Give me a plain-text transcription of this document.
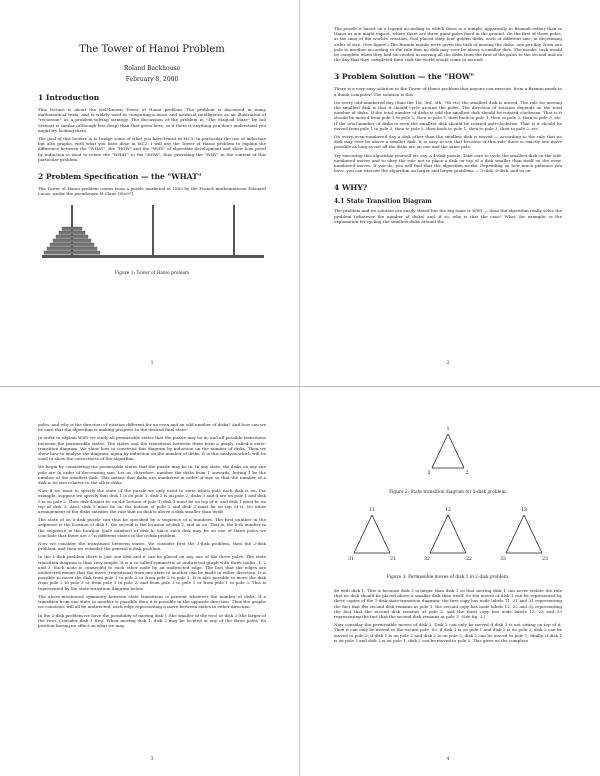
The Tower of Hanoi Problem
Roland Backhouse
February 8, 2000
1 Introduction

This lecture is about the well-known Tower of Hanoi problem. The problem is discussed in many mathematical texts, and is widely used in computing-science and artificial intelligence as an illustration of "recursion" as a problem-solving strategy. The discussion of the problem in "The Magical Maze" by Ian Stewart is similar (although less deep) than that given here, so if there is anything you don't understand you might try looking there.

The goal of this lecture is to bridge some of what you have learnt in MC1. In particular the use of induction but also graphs, with what you have done in MC2. I will use the Tower of Hanoi problem to explain the difference between the "WHAT", the "HOW" and the "WHY" of algorithm development and show how proof by induction is used to relate the "WHAT" to the "HOW", thus providing the "WHY" in the context of this particular problem.

2 Problem Specification — the "WHAT"

The Tower of Hanoi problem comes from a puzzle marketed in 1883 by the French mathematician Édouard Lucas, under the pseudonym M.Claus [Ste97].

Figure 1: Tower of Hanoi problem
1

The puzzle is based on a legend according to which there is a temple, apparently in Bramah rather than in Hanoi as one might expect, where there are three giant poles fixed in the ground. On the first of these poles, at the time of the world's creation, God placed sixty four golden disks, each of different size, in decreasing order of size. (See figure.) The Bramin monks were given the task of moving the disks, one per day, from one pole to another according to the rule that no disk may ever be above a smaller disk. The monks' task would be complete when they had succeeded in moving all the disks from the first of the poles to the second and on the day that they completed their task the world would come to an end!

3 Problem Solution — the "HOW"

There is a very easy solution to the Tower of Hanoi problem that anyone can execute, from a Bramin monk to a dumb computer! The solution is this.

On every odd-numbered day (thus the 1st, 3rd, 5th, 7th etc) the smallest disk is moved. The rule for moving the smallest disk is that it should cycle around the poles. The direction of rotation depends on the total number of disks. If the total number of disks is odd the smallest disk should be rotated clockwise. That is it should be moved from pole 1 to pole 2, then to pole 3, then back to pole 1, then to pole 2, then to pole 3, etc. If the total number of disks is even the smallest disk should be rotated anti-clockwise. That is it should be moved from pole 1 to pole 3, then to pole 2, then back to pole 1, then to pole 3, then to pole 2, etc.

On every even-numbered day a disk other than the smallest disk is moved — according to the rule that no disk may ever be above a smaller disk. It is easy to see that because of this rule there is exactly one move possible as long as not all the disks are on one and the same pole.

Try executing this algorithm yourself on, say, a 4-disk puzzle. Take care to cycle the smallest disk on the odd-numbered moves and to obey the rule not to place a disk on top of a disk smaller than itself on the even-numbered moves. If you do, you will find that the algorithm works. Depending on how much patience you have, you can execute the algorithm on larger and larger problems — 5-disk, 6-disk, and so on.

4 WHY?
4.1 State Transition Diagram

The problem and its solution are easily stated but the big issue is WHY — does the algorithm really solve the problem (whatever the number of disks) and, if so, why is that the case? What, for example, is the explanation for cycling the smallest disks around the

2

poles, and why is the direction of rotation different for an even and an odd number of disks? And how can we be sure that the algorithm is making progress to the desired final state?

In order to explain WHY we study all permissible states that the puzzle may be in, and all possible transitions between the permissible states. The states and the transitions between them form a graph, called a state-transition diagram. We show how to construct this diagram by induction on the number of disks. Then we show how to analyse the diagram, again by induction on the number of disks. It is this analysis which will be used to show the correctness of the algorithm.

We begin by considering the permissible states that the puzzle may be in. In any state, the disks on any one pole are in order of decreasing size. Let us, therefore, number the disks from 1 onwards, letting 1 be the number of the smallest disk. This means that disks are numbered in order of size so that the number of a disk is its size relative to the other disks.

Now if we want to specify the state of the puzzle we only need to state which pole each disk is on. For example, suppose we specify that disk 1 is on pole 1, disk 2 is on pole 2, disks 3 and 4 are on pole 1 and disk 5 is on pole 2. Then disk 4 must be on the bottom of pole 1, disk 3 must be on top of it, and disk 1 must be on top of disk 3. Also, disk 5 must be on the bottom of pole 2 and disk 2 must be on top of it. No other arrangement of the disks satisfies the rule that no disk is above a disk smaller than itself.

The state of an n-disk puzzle can thus be specified by a sequence of n numbers. The first number in the sequence is the location of disk 1, the second is the location of disk 2, and so on. That is, the k-th number in the sequence is the location (pole number) of disk k. Since each disk may be on one of three poles we conclude that there are 3^n different states in the n-disk problem.

Now we consider the transitions between states. We consider first the 1-disk problem, then the 2-disk problem, and then we consider the general n-disk problem.

In the 1-disk problem there is just one disk and it can be placed on any one of the three poles. The state transition diagram is thus very simple. It is a so-called symmetric or undirected graph with three nodes, 1, 2 and 3. Each node is connected to each other node by an undirected edge. The fact that the edges are undirected means that the move (transitions) from one state to another can be made in either direction. It is possible to move the disk from pole 1 to pole 2 or from pole 2 to pole 1. It is also possible to move the disk from pole 2 to pole 3 or from pole 3 to pole 2, and from pole 3 to pole 1 or from pole 1 to pole 3. This is represented by the state-transition diagram below.

The above-mentioned symmetry between state transitions is present whatever the number of disks. If a transition from one state to another is possible then it is possible in the opposite direction. Thus the graphs we construct will all be undirected, each edge representing a move between states in either direction.

In the 2-disk problem we have the possibility of moving disk 1 (the smaller of the two) or disk 2 (the larger of the two). Consider disk 1 first. When moving disk 1, disk 2 may be located at any of the three poles, its position having no effect on what we may

3
1
3	2
Figure 2: State transition diagram for 1-disk problem.
11
31	21
12
32	22
13
33	23
Figure 3: Permissible moves of disk 1 in 2-disk problem.

do with disk 1. This is because disk 2 is larger than disk 1 so that moving disk 1 can never violate the rule that no disk should be placed above a smaller disk than itself. So the moves of disk 1 can be represented by three copies of the 1-disk state-transition diagram: the first copy has node labels 11, 21 and 31 representing the fact that the second disk remains at pole 1, the second copy has node labels 12, 22 and 32 representing the fact that the second disk remains at pole 2, and the third copy has node labels 13, 23 and 33 representing the fact that the second disk remains at pole 3. (See fig. 3.)

Now consider the permissible moves of disk 2. Disk 2 can only be moved if disk 1 is not sitting on top of it. Then it can only be moved to the vacant pole. So, if disk 1 is on pole 1 and disk 2 is on pole 2, disk 2 can be moved to pole 3; if disk 1 is on pole 2 and disk 2 is on pole 3, disk 2 can be moved to pole 1; finally, if disk 1 is on pole 3 and disk 2 is on pole 1, disk 2 can be moved to pole 2. This gives us the complete

4
